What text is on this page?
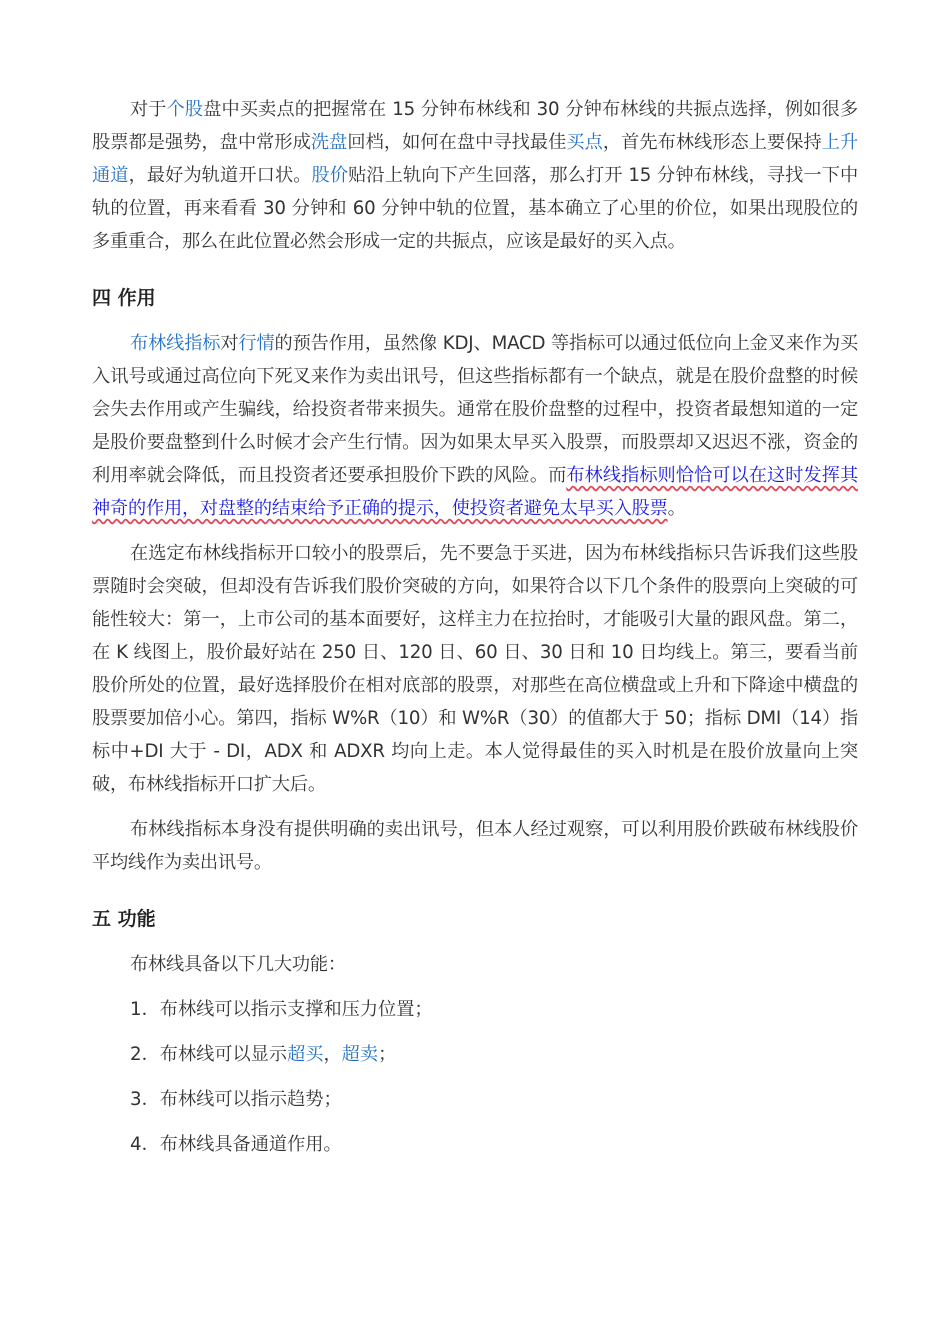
对于个股盘中买卖点的把握常在 15 分钟布林线和 30 分钟布林线的共振点选择，例如很多股票都是强势，盘中常形成洗盘回档，如何在盘中寻找最佳买点，首先布林线形态上要保持上升通道，最好为轨道开口状。股价贴沿上轨向下产生回落，那么打开 15 分钟布林线，寻找一下中轨的位置，再来看看 30 分钟和 60 分钟中轨的位置，基本确立了心里的价位，如果出现股位的多重重合，那么在此位置必然会形成一定的共振点，应该是最好的买入点。

四 作用

布林线指标对行情的预告作用，虽然像 KDJ、MACD 等指标可以通过低位向上金叉来作为买入讯号或通过高位向下死叉来作为卖出讯号，但这些指标都有一个缺点，就是在股价盘整的时候会失去作用或产生骗线，给投资者带来损失。通常在股价盘整的过程中，投资者最想知道的一定是股价要盘整到什么时候才会产生行情。因为如果太早买入股票，而股票却又迟迟不涨，资金的利用率就会降低，而且投资者还要承担股价下跌的风险。而布林线指标则恰恰可以在这时发挥其神奇的作用，对盘整的结束给予正确的提示，使投资者避免太早买入股票。

在选定布林线指标开口较小的股票后，先不要急于买进，因为布林线指标只告诉我们这些股票随时会突破，但却没有告诉我们股价突破的方向，如果符合以下几个条件的股票向上突破的可能性较大：第一，上市公司的基本面要好，这样主力在拉抬时，才能吸引大量的跟风盘。第二，在 K 线图上，股价最好站在 250 日、120 日、60 日、30 日和 10 日均线上。第三，要看当前股价所处的位置，最好选择股价在相对底部的股票，对那些在高位横盘或上升和下降途中横盘的股票要加倍小心。第四，指标 W%R（10）和 W%R（30）的值都大于 50；指标 DMI（14）指标中+DI 大于 - DI，ADX 和 ADXR 均向上走。本人觉得最佳的买入时机是在股价放量向上突破，布林线指标开口扩大后。

布林线指标本身没有提供明确的卖出讯号，但本人经过观察，可以利用股价跌破布林线股价平均线作为卖出讯号。

五 功能

布林线具备以下几大功能：

1．布林线可以指示支撑和压力位置；

2．布林线可以显示超买，超卖；

3．布林线可以指示趋势；

4．布林线具备通道作用。
